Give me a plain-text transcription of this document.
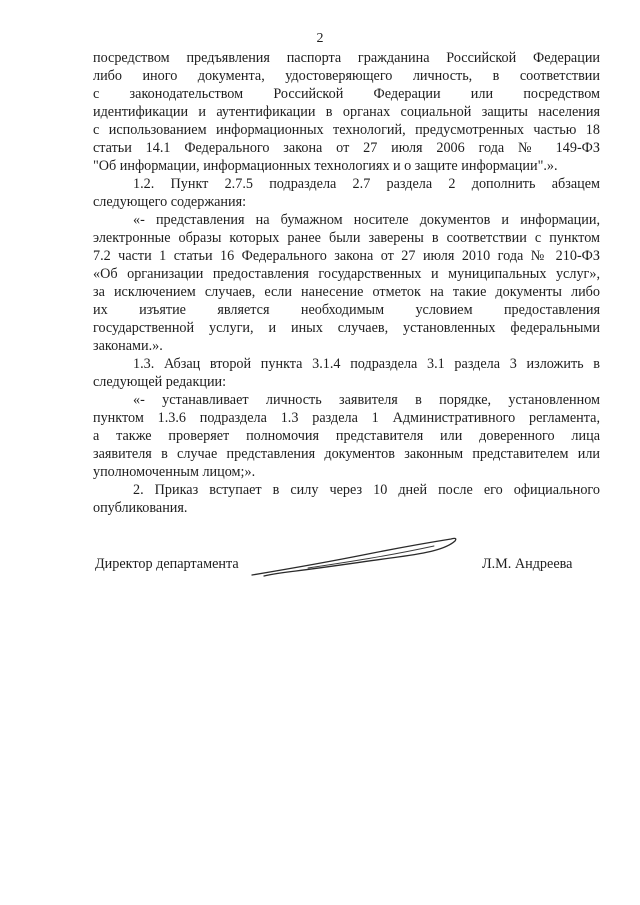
2
посредством предъявления паспорта гражданина Российской Федерации
либо иного документа, удостоверяющего личность, в соответствии
с законодательством Российской Федерации или посредством
идентификации и аутентификации в органах социальной защиты населения
с использованием информационных технологий, предусмотренных частью 18
статьи 14.1 Федерального закона от 27 июля 2006 года № 149-ФЗ
"Об информации, информационных технологиях и о защите информации".».
1.2. Пункт 2.7.5 подраздела 2.7 раздела 2 дополнить абзацем
следующего содержания:
«- представления на бумажном носителе документов и информации,
электронные образы которых ранее были заверены в соответствии с пунктом
7.2 части 1 статьи 16 Федерального закона от 27 июля 2010 года № 210-ФЗ
«Об организации предоставления государственных и муниципальных услуг»,
за исключением случаев, если нанесение отметок на такие документы либо
их изъятие является необходимым условием предоставления
государственной услуги, и иных случаев, установленных федеральными
законами.».
1.3. Абзац второй пункта 3.1.4 подраздела 3.1 раздела 3 изложить в
следующей редакции:
«- устанавливает личность заявителя в порядке, установленном
пунктом 1.3.6 подраздела 1.3 раздела 1 Административного регламента,
а также проверяет полномочия представителя или доверенного лица
заявителя в случае представления документов законным представителем или
уполномоченным лицом;».
2. Приказ вступает в силу через 10 дней после его официального
опубликования.
Директор департамента	Л.М. Андреева
